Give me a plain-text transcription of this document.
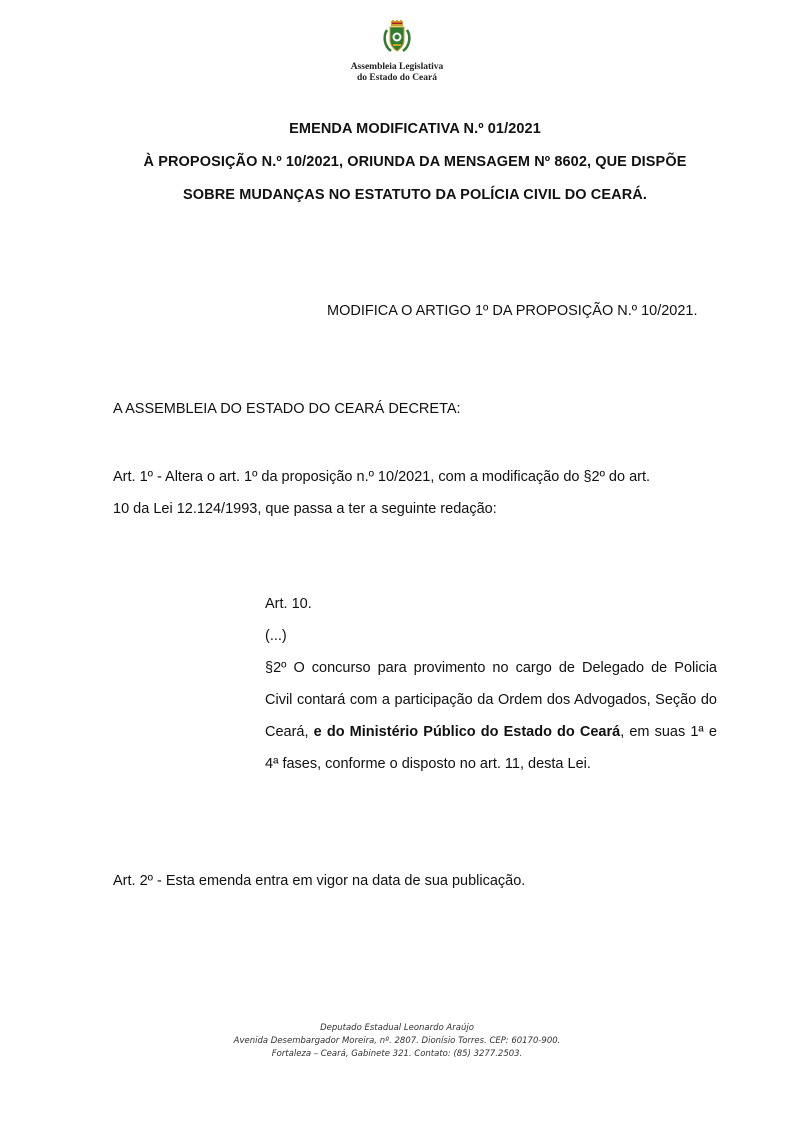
Assembleia Legislativa
do Estado do Ceará
EMENDA MODIFICATIVA N.º 01/2021
À PROPOSIÇÃO N.º 10/2021, ORIUNDA DA MENSAGEM Nº 8602, QUE DISPÕE
SOBRE MUDANÇAS NO ESTATUTO DA POLÍCIA CIVIL DO CEARÁ.
MODIFICA O ARTIGO 1º DA PROPOSIÇÃO N.º 10/2021.
A ASSEMBLEIA DO ESTADO DO CEARÁ DECRETA:
Art. 1º - Altera o art. 1º da proposição n.º 10/2021, com a modificação do §2º do art.
10 da Lei 12.124/1993, que passa a ter a seguinte redação:
Art. 10.
(...)
§2º O concurso para provimento no cargo de Delegado de Policia Civil contará com a participação da Ordem dos Advogados, Seção do Ceará, e do Ministério Público do Estado do Ceará, em suas 1ª e 4ª fases, conforme o disposto no art. 11, desta Lei.
Art. 2º - Esta emenda entra em vigor na data de sua publicação.
Deputado Estadual Leonardo Araújo
Avenida Desembargador Moreira, nº. 2807. Dionísio Torres. CEP: 60170-900.
Fortaleza – Ceará, Gabinete 321. Contato: (85) 3277.2503.
